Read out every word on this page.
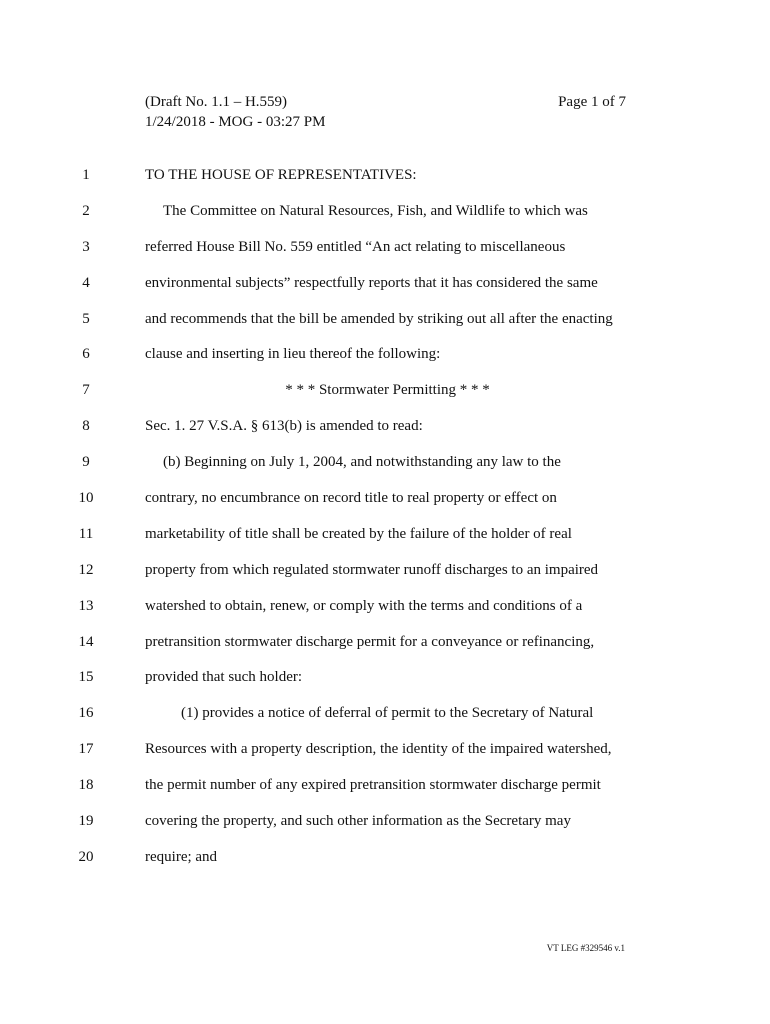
(Draft No. 1.1 – H.559)
1/24/2018 - MOG - 03:27 PM
Page 1 of 7
1	TO THE HOUSE OF REPRESENTATIVES:
2	The Committee on Natural Resources, Fish, and Wildlife to which was
3	referred House Bill No. 559 entitled “An act relating to miscellaneous
4	environmental subjects” respectfully reports that it has considered the same
5	and recommends that the bill be amended by striking out all after the enacting
6	clause and inserting in lieu thereof the following:
7	* * * Stormwater Permitting * * *
8	Sec. 1. 27 V.S.A. § 613(b) is amended to read:
9	(b) Beginning on July 1, 2004, and notwithstanding any law to the
10	contrary, no encumbrance on record title to real property or effect on
11	marketability of title shall be created by the failure of the holder of real
12	property from which regulated stormwater runoff discharges to an impaired
13	watershed to obtain, renew, or comply with the terms and conditions of a
14	pretransition stormwater discharge permit for a conveyance or refinancing,
15	provided that such holder:
16	(1) provides a notice of deferral of permit to the Secretary of Natural
17	Resources with a property description, the identity of the impaired watershed,
18	the permit number of any expired pretransition stormwater discharge permit
19	covering the property, and such other information as the Secretary may
20	require; and
VT LEG #329546 v.1
